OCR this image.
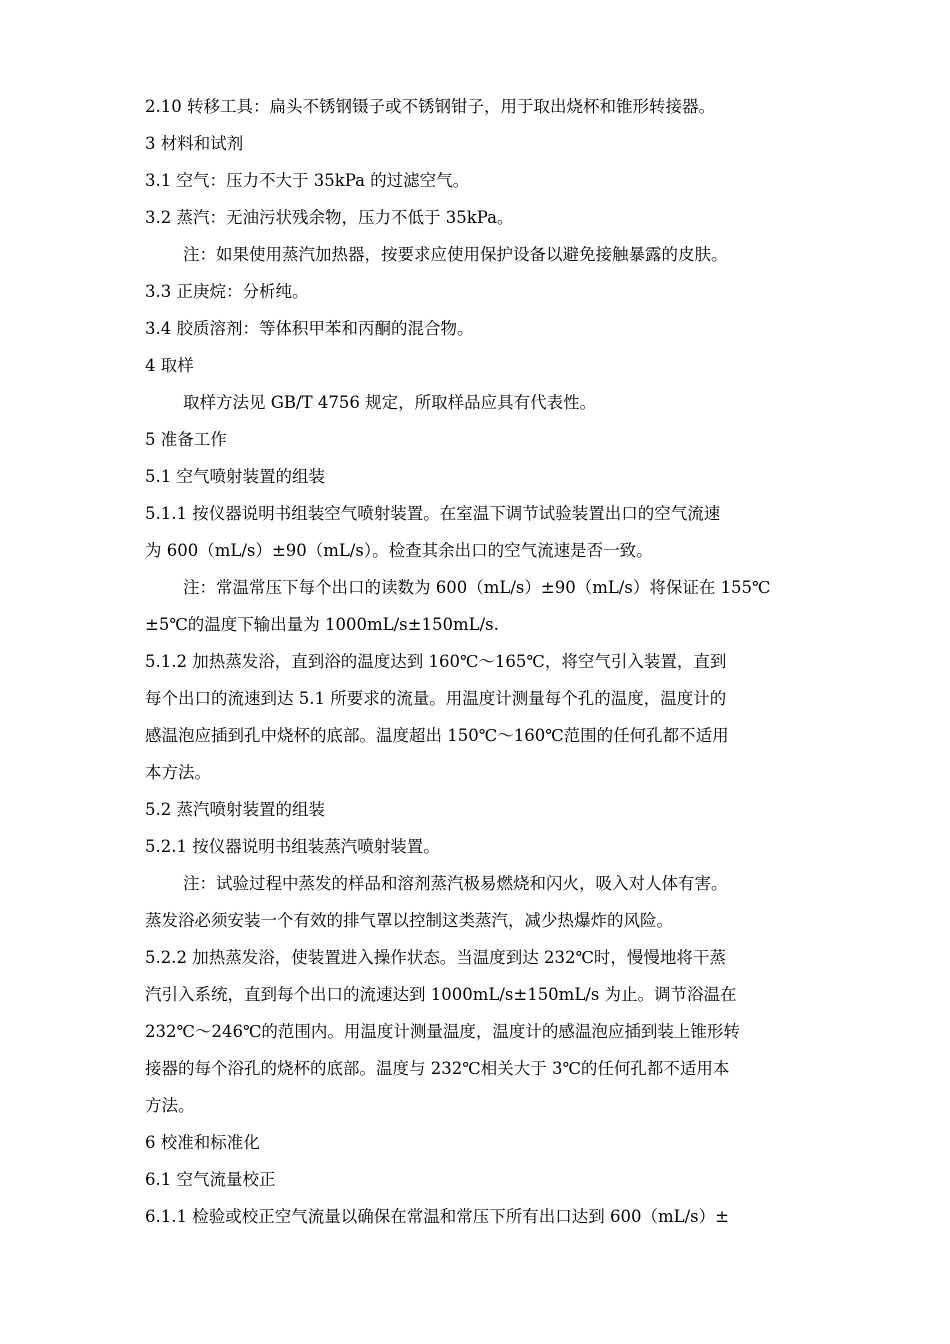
2.10 转移工具：扁头不锈钢镊子或不锈钢钳子，用于取出烧杯和锥形转接器。
3 材料和试剂
3.1 空气：压力不大于 35kPa 的过滤空气。
3.2 蒸汽：无油污状残余物，压力不低于 35kPa。
注：如果使用蒸汽加热器，按要求应使用保护设备以避免接触暴露的皮肤。
3.3 正庚烷：分析纯。
3.4 胶质溶剂：等体积甲苯和丙酮的混合物。
4 取样
取样方法见 GB/T 4756 规定，所取样品应具有代表性。
5 准备工作
5.1 空气喷射装置的组装
5.1.1 按仪器说明书组装空气喷射装置。在室温下调节试验装置出口的空气流速
为 600（mL/s）±90（mL/s）。检查其余出口的空气流速是否一致。
注：常温常压下每个出口的读数为 600（mL/s）±90（mL/s）将保证在 155℃
±5℃的温度下输出量为 1000mL/s±150mL/s.
5.1.2 加热蒸发浴，直到浴的温度达到 160℃～165℃，将空气引入装置，直到
每个出口的流速到达 5.1 所要求的流量。用温度计测量每个孔的温度，温度计的
感温泡应插到孔中烧杯的底部。温度超出 150℃～160℃范围的任何孔都不适用
本方法。
5.2 蒸汽喷射装置的组装
5.2.1 按仪器说明书组装蒸汽喷射装置。
注：试验过程中蒸发的样品和溶剂蒸汽极易燃烧和闪火，吸入对人体有害。
蒸发浴必须安装一个有效的排气罩以控制这类蒸汽，减少热爆炸的风险。
5.2.2 加热蒸发浴，使装置进入操作状态。当温度到达 232℃时，慢慢地将干蒸
汽引入系统，直到每个出口的流速达到 1000mL/s±150mL/s 为止。调节浴温在
232℃～246℃的范围内。用温度计测量温度，温度计的感温泡应插到装上锥形转
接器的每个浴孔的烧杯的底部。温度与 232℃相关大于 3℃的任何孔都不适用本
方法。
6 校准和标准化
6.1 空气流量校正
6.1.1 检验或校正空气流量以确保在常温和常压下所有出口达到 600（mL/s）±
